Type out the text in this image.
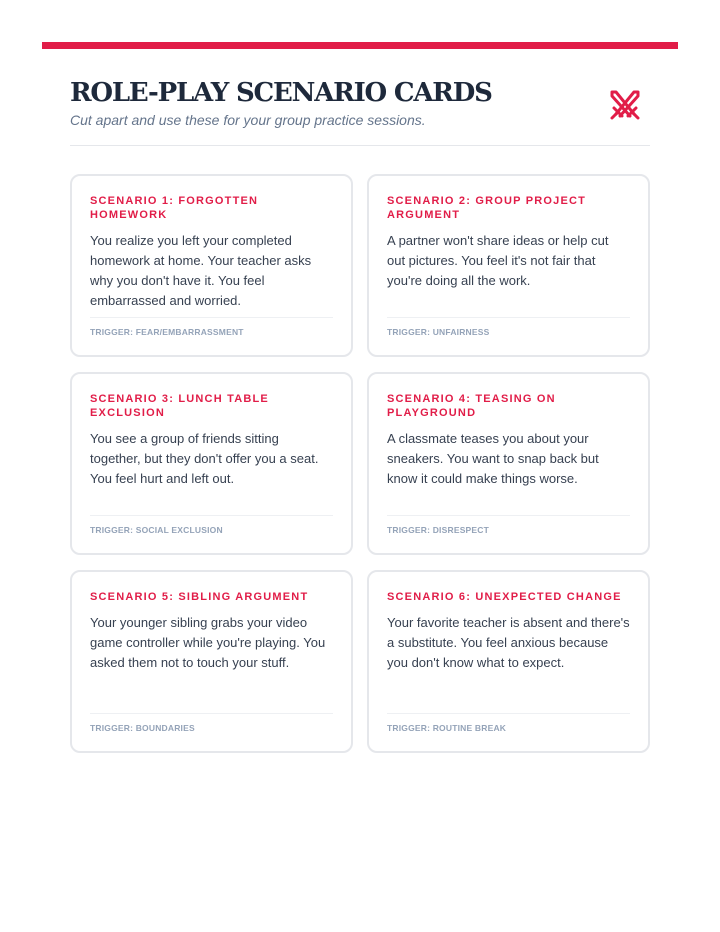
ROLE-PLAY SCENARIO CARDS
Cut apart and use these for your group practice sessions.
SCENARIO 1: FORGOTTEN HOMEWORK
You realize you left your completed homework at home. Your teacher asks why you don't have it. You feel embarrassed and worried.
TRIGGER: FEAR/EMBARRASSMENT
SCENARIO 2: GROUP PROJECT ARGUMENT
A partner won't share ideas or help cut out pictures. You feel it's not fair that you're doing all the work.
TRIGGER: UNFAIRNESS
SCENARIO 3: LUNCH TABLE EXCLUSION
You see a group of friends sitting together, but they don't offer you a seat. You feel hurt and left out.
TRIGGER: SOCIAL EXCLUSION
SCENARIO 4: TEASING ON PLAYGROUND
A classmate teases you about your sneakers. You want to snap back but know it could make things worse.
TRIGGER: DISRESPECT
SCENARIO 5: SIBLING ARGUMENT
Your younger sibling grabs your video game controller while you're playing. You asked them not to touch your stuff.
TRIGGER: BOUNDARIES
SCENARIO 6: UNEXPECTED CHANGE
Your favorite teacher is absent and there's a substitute. You feel anxious because you don't know what to expect.
TRIGGER: ROUTINE BREAK
